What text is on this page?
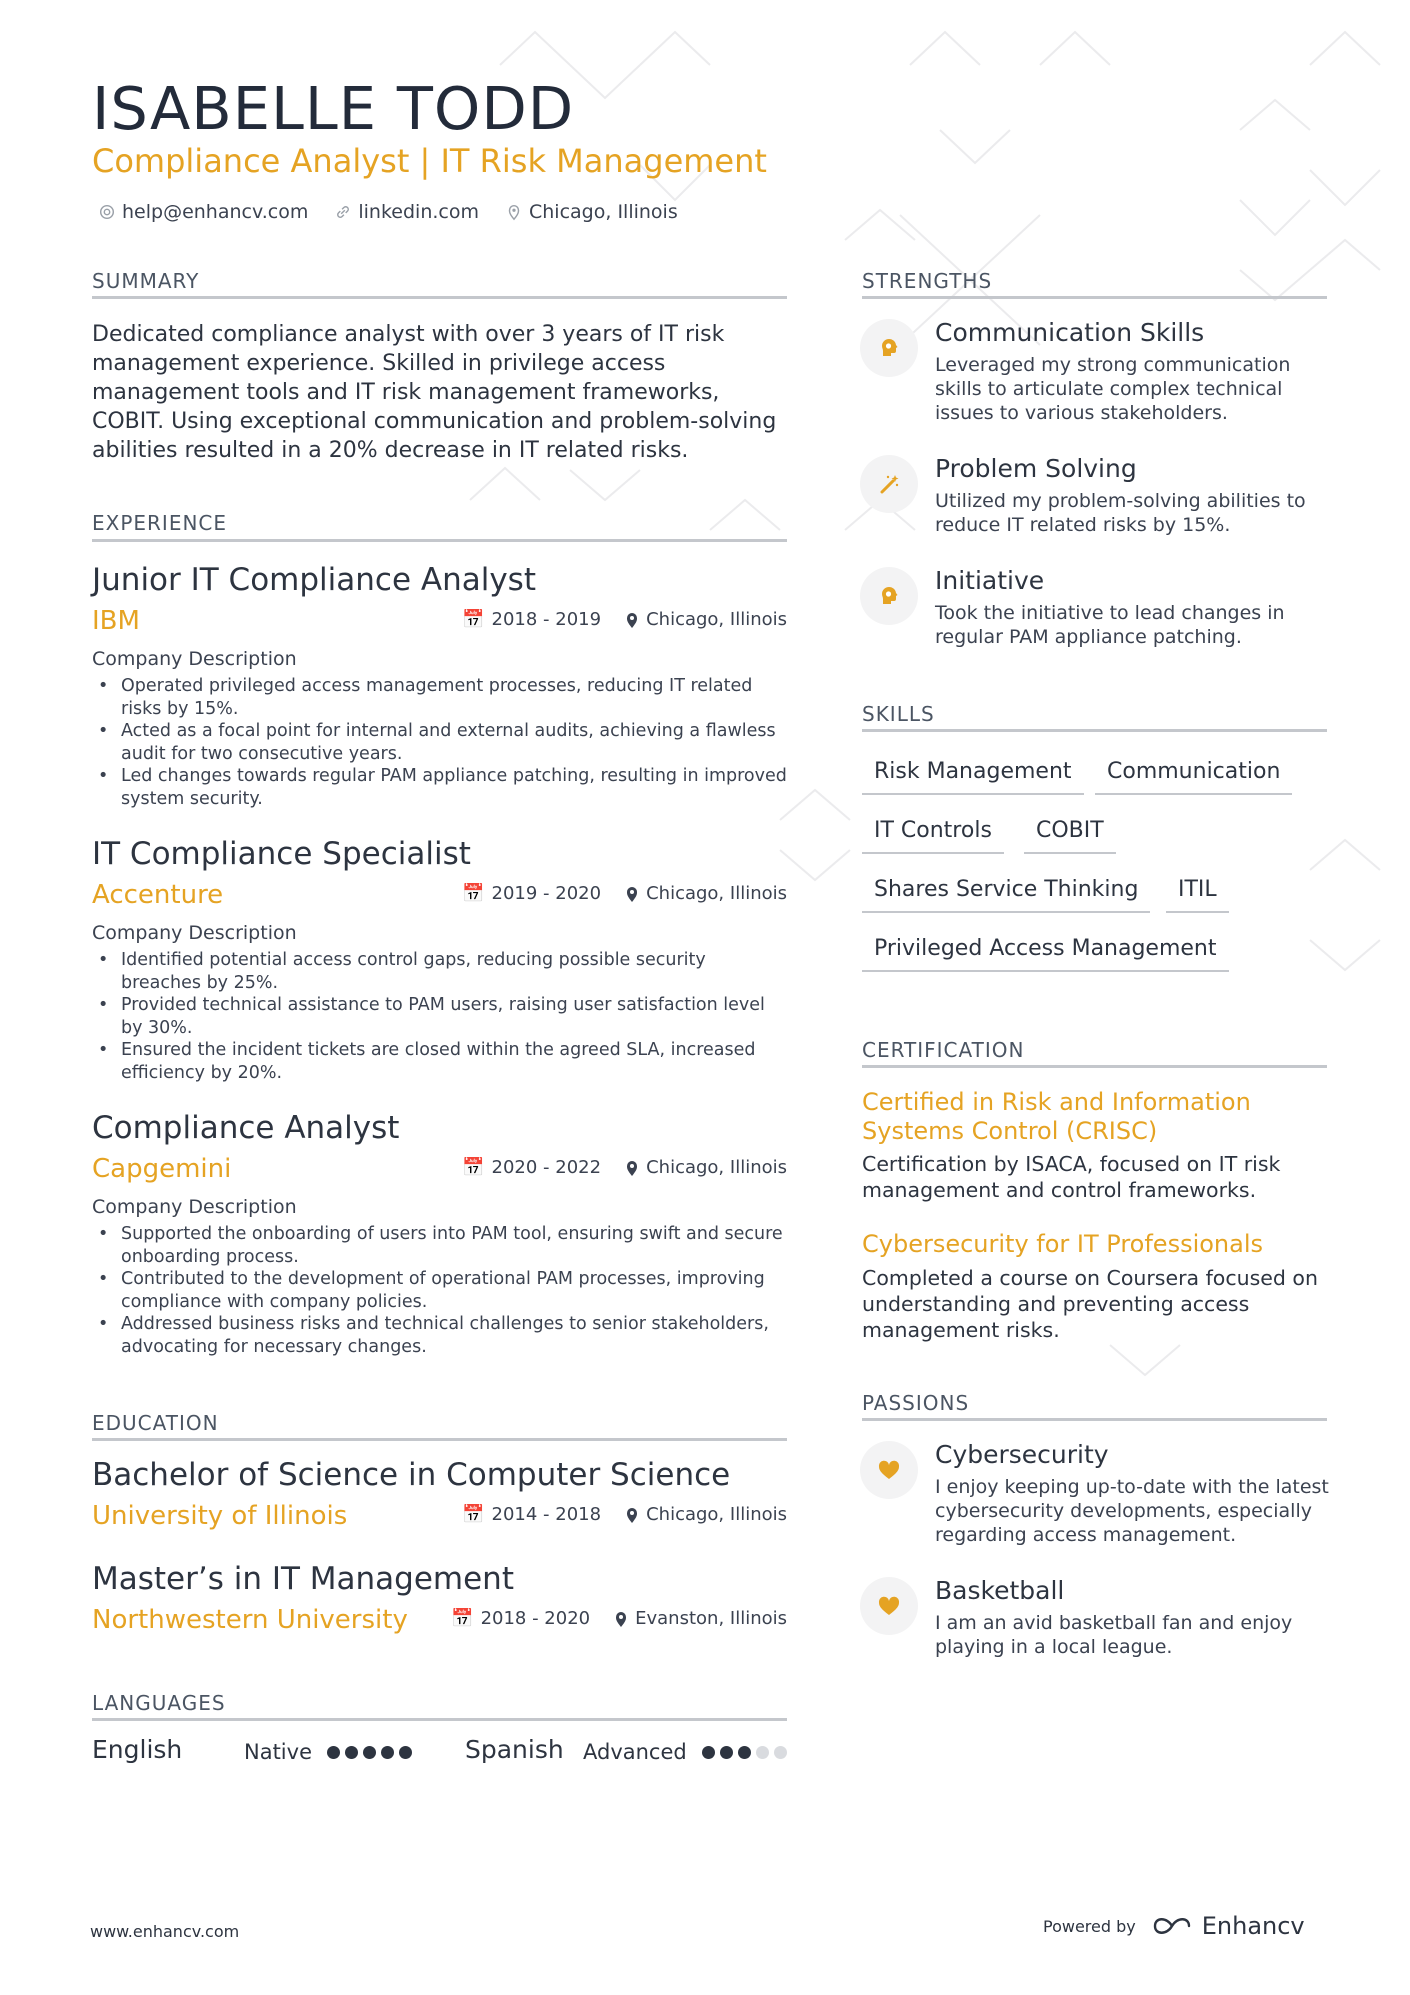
ISABELLE TODD
Compliance Analyst | IT Risk Management
help@enhancv.com	linkedin.com	Chicago, Illinois
SUMMARY

Dedicated compliance analyst with over 3 years of IT risk management experience. Skilled in privilege access management tools and IT risk management frameworks, COBIT. Using exceptional communication and problem-solving abilities resulted in a 20% decrease in IT related risks.

EXPERIENCE
Junior IT Compliance Analyst
IBM	📅 2018 - 2019	Chicago, Illinois
Company Description
• Operated privileged access management processes, reducing IT related risks by 15%.
• Acted as a focal point for internal and external audits, achieving a flawless audit for two consecutive years.
• Led changes towards regular PAM appliance patching, resulting in improved system security.
IT Compliance Specialist
Accenture	📅 2019 - 2020	Chicago, Illinois
Company Description
• Identified potential access control gaps, reducing possible security breaches by 25%.
• Provided technical assistance to PAM users, raising user satisfaction level by 30%.
• Ensured the incident tickets are closed within the agreed SLA, increased efficiency by 20%.
Compliance Analyst
Capgemini	📅 2020 - 2022	Chicago, Illinois
Company Description
• Supported the onboarding of users into PAM tool, ensuring swift and secure onboarding process.
• Contributed to the development of operational PAM processes, improving compliance with company policies.
• Addressed business risks and technical challenges to senior stakeholders, advocating for necessary changes.
EDUCATION
Bachelor of Science in Computer Science
University of Illinois	📅 2014 - 2018	Chicago, Illinois
Master’s in IT Management
Northwestern University 📅 2018 - 2020	Evanston, Illinois
LANGUAGES
English	Native	Spanish Advanced
STRENGTHS
Communication Skills
Leveraged my strong communication skills to articulate complex technical issues to various stakeholders.
Problem Solving
Utilized my problem-solving abilities to reduce IT related risks by 15%.
Initiative
Took the initiative to lead changes in regular PAM appliance patching.
SKILLS
Risk Management	Communication
IT Controls	COBIT
Shares Service Thinking	ITIL
Privileged Access Management
CERTIFICATION
Certified in Risk and Information Systems Control (CRISC)
Certification by ISACA, focused on IT risk management and control frameworks.
Cybersecurity for IT Professionals
Completed a course on Coursera focused on understanding and preventing access management risks.
PASSIONS
Cybersecurity
I enjoy keeping up-to-date with the latest cybersecurity developments, especially regarding access management.
Basketball
I am an avid basketball fan and enjoy playing in a local league.
www.enhancv.com	Powered by	Enhancv
